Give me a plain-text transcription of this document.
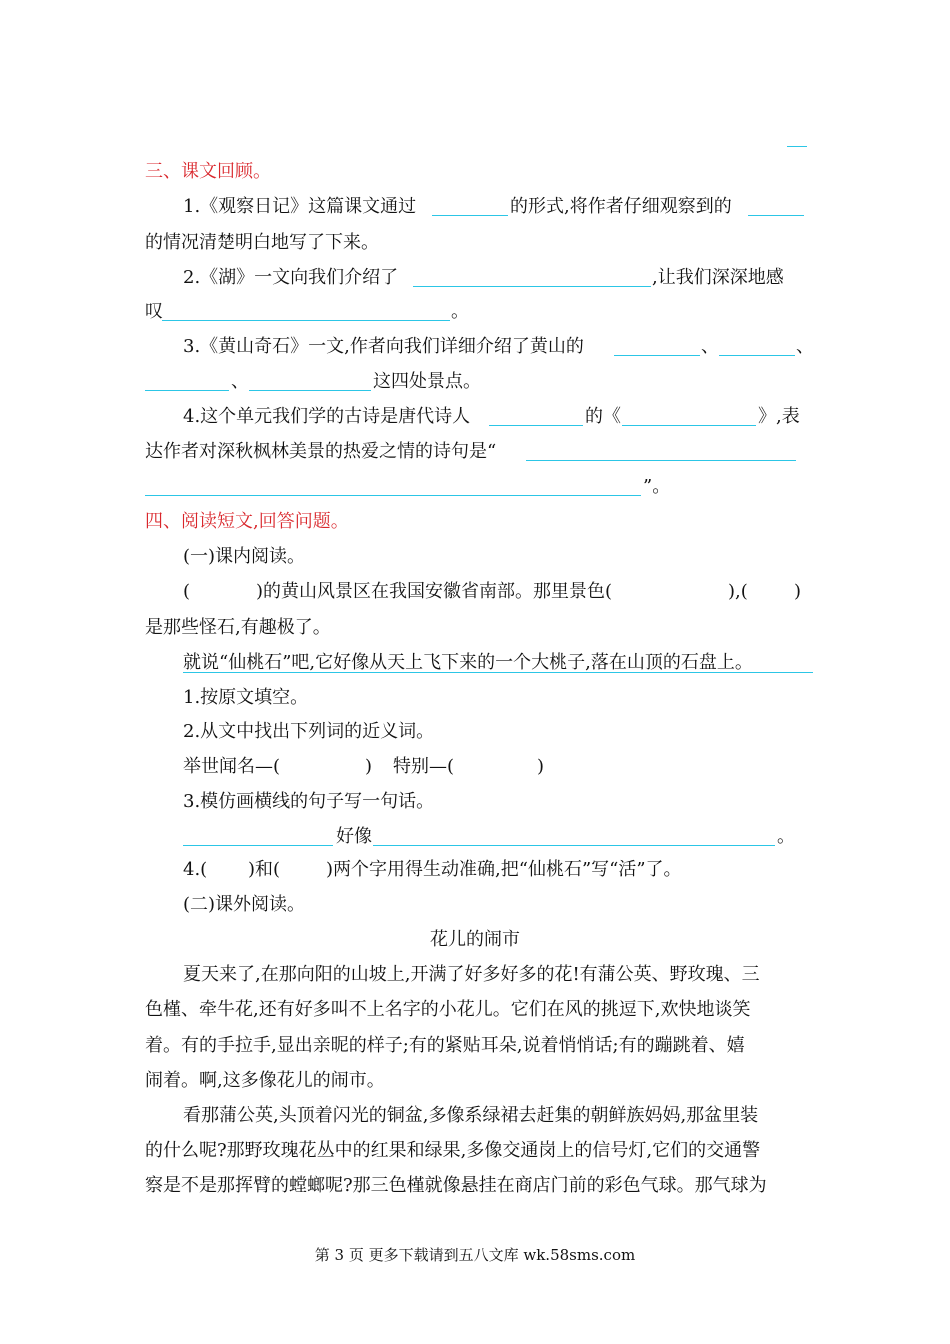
三、课文回顾。
1.《观察日记》这篇课文通过	的形式,将作者仔细观察到的
的情况清楚明白地写了下来。
2.《湖》一文向我们介绍了	,让我们深深地感
叹	。
3.《黄山奇石》一文,作者向我们详细介绍了黄山的	、	、
、	这四处景点。
4.这个单元我们学的古诗是唐代诗人	的《	》,表
达作者对深秋枫林美景的热爱之情的诗句是“
”。
四、阅读短文,回答问题。
(一)课内阅读。
(	)的黄山风景区在我国安徽省南部。那里景色(	),(	)
是那些怪石,有趣极了。
就说“仙桃石”吧,它好像从天上飞下来的一个大桃子,落在山顶的石盘上。
1.按原文填空。
2.从文中找出下列词的近义词。
举世闻名—(	) 特别—(	)
3.模仿画横线的句子写一句话。
好像	。
4.( )和(	)两个字用得生动准确,把“仙桃石”写“活”了。
(二)课外阅读。
花儿的闹市
夏天来了,在那向阳的山坡上,开满了好多好多的花!有蒲公英、野玫瑰、三
色槿、牵牛花,还有好多叫不上名字的小花儿。它们在风的挑逗下,欢快地谈笑
着。有的手拉手,显出亲昵的样子;有的紧贴耳朵,说着悄悄话;有的蹦跳着、嬉
闹着。啊,这多像花儿的闹市。
看那蒲公英,头顶着闪光的铜盆,多像系绿裙去赶集的朝鲜族妈妈,那盆里装
的什么呢?那野玫瑰花丛中的红果和绿果,多像交通岗上的信号灯,它们的交通警
察是不是那挥臂的螳螂呢?那三色槿就像悬挂在商店门前的彩色气球。那气球为
第 3 页 更多下载请到五八文库 wk.58sms.com
